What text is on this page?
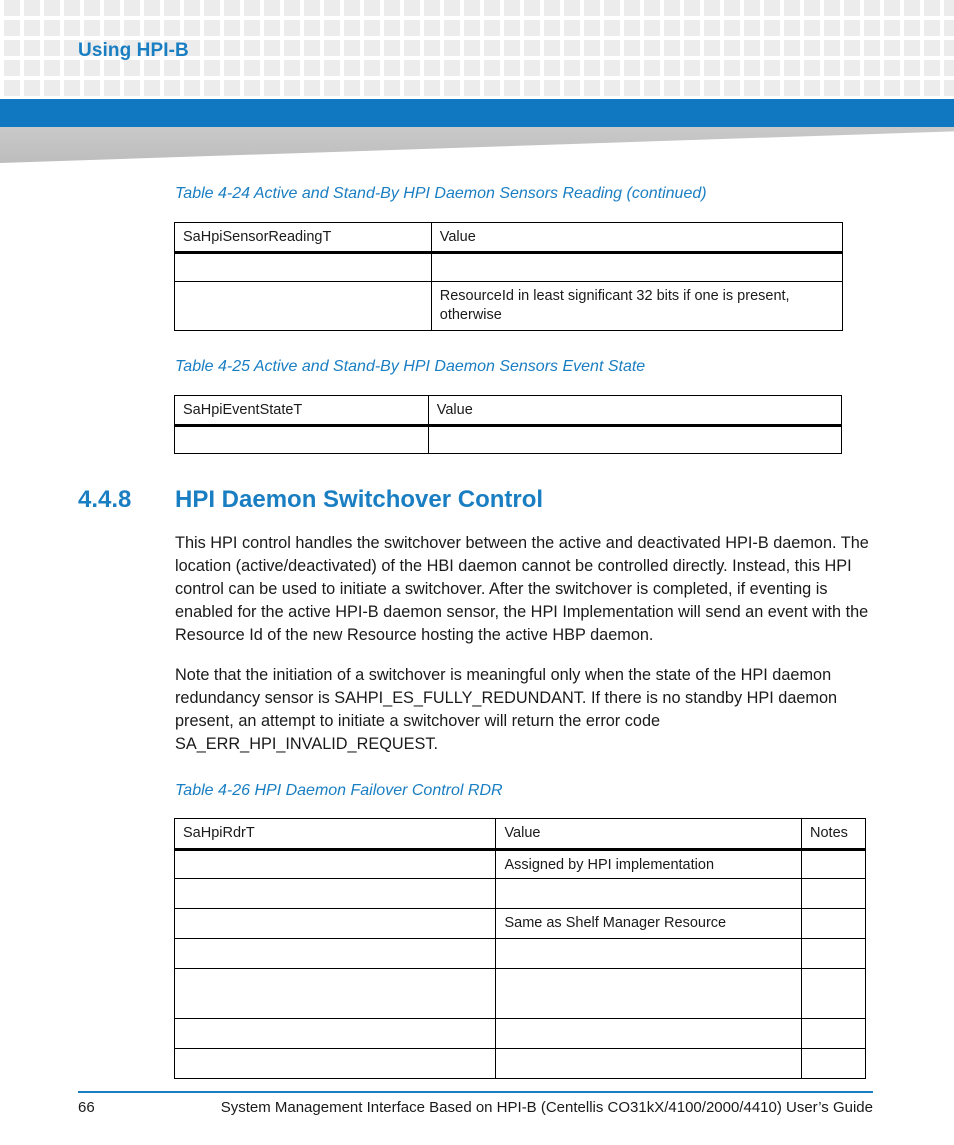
Using HPI-B

Table 4-24 Active and Stand-By HPI Daemon Sensors Reading (continued)

SaHpiSensorReadingT	Value

	ResourceId in least significant 32 bits if one is present, otherwise

Table 4-25 Active and Stand-By HPI Daemon Sensors Event State

SaHpiEventStateT	Value

4.4.8 HPI Daemon Switchover Control

This HPI control handles the switchover between the active and deactivated HPI-B daemon. The location (active/deactivated) of the HBI daemon cannot be controlled directly. Instead, this HPI control can be used to initiate a switchover. After the switchover is completed, if eventing is enabled for the active HPI-B daemon sensor, the HPI Implementation will send an event with the Resource Id of the new Resource hosting the active HBP daemon.

Note that the initiation of a switchover is meaningful only when the state of the HPI daemon redundancy sensor is SAHPI_ES_FULLY_REDUNDANT. If there is no standby HPI daemon present, an attempt to initiate a switchover will return the error code SA_ERR_HPI_INVALID_REQUEST.

Table 4-26 HPI Daemon Failover Control RDR

SaHpiRdrT	Value	Notes
	Assigned by HPI implementation	

	Same as Shelf Manager Resource	

66	System Management Interface Based on HPI-B (Centellis CO31kX/4100/2000/4410) User’s Guide
